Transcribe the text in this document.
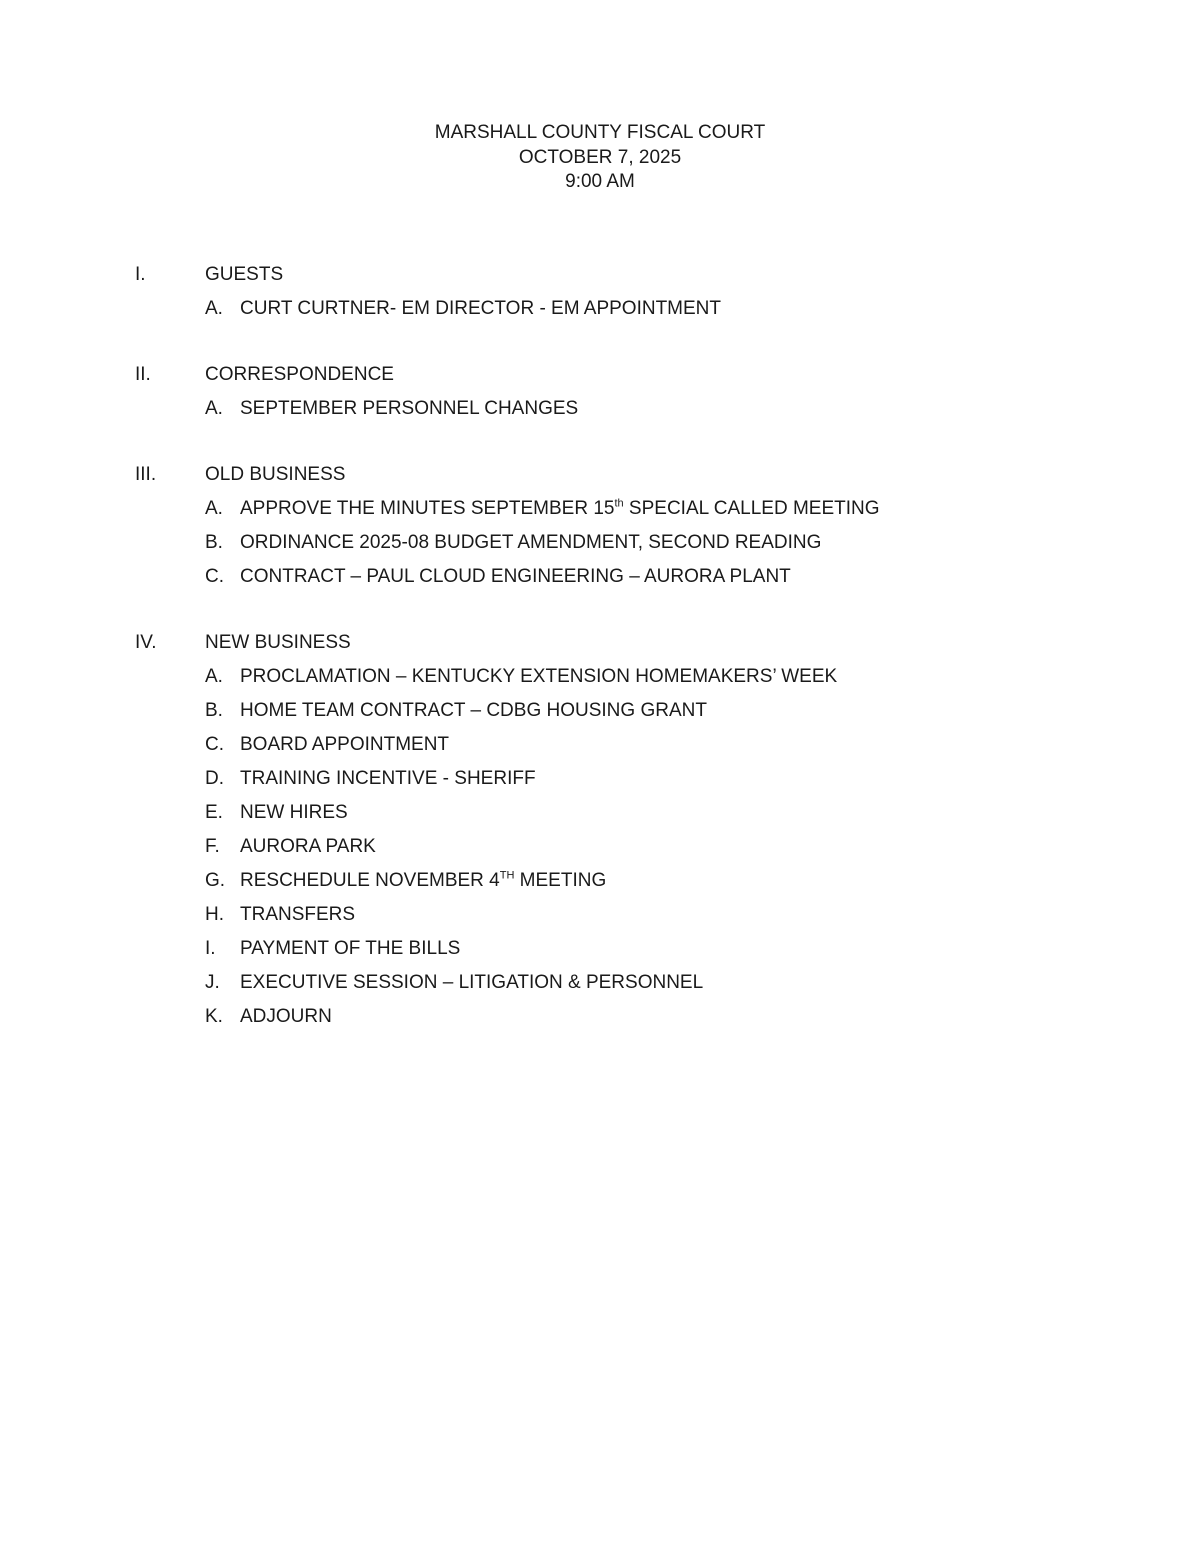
MARSHALL COUNTY FISCAL COURT
OCTOBER 7, 2025
9:00 AM
I.	GUESTS
A. CURT CURTNER- EM DIRECTOR - EM APPOINTMENT
II.	CORRESPONDENCE
A. SEPTEMBER PERSONNEL CHANGES
III.	OLD BUSINESS
A. APPROVE THE MINUTES SEPTEMBER 15th SPECIAL CALLED MEETING
B. ORDINANCE 2025-08 BUDGET AMENDMENT, SECOND READING
C. CONTRACT – PAUL CLOUD ENGINEERING – AURORA PLANT
IV.	NEW BUSINESS
A. PROCLAMATION – KENTUCKY EXTENSION HOMEMAKERS’ WEEK
B. HOME TEAM CONTRACT – CDBG HOUSING GRANT
C. BOARD APPOINTMENT
D. TRAINING INCENTIVE - SHERIFF
E. NEW HIRES
F. AURORA PARK
G. RESCHEDULE NOVEMBER 4TH MEETING
H. TRANSFERS
I. PAYMENT OF THE BILLS
J. EXECUTIVE SESSION – LITIGATION & PERSONNEL
K. ADJOURN
